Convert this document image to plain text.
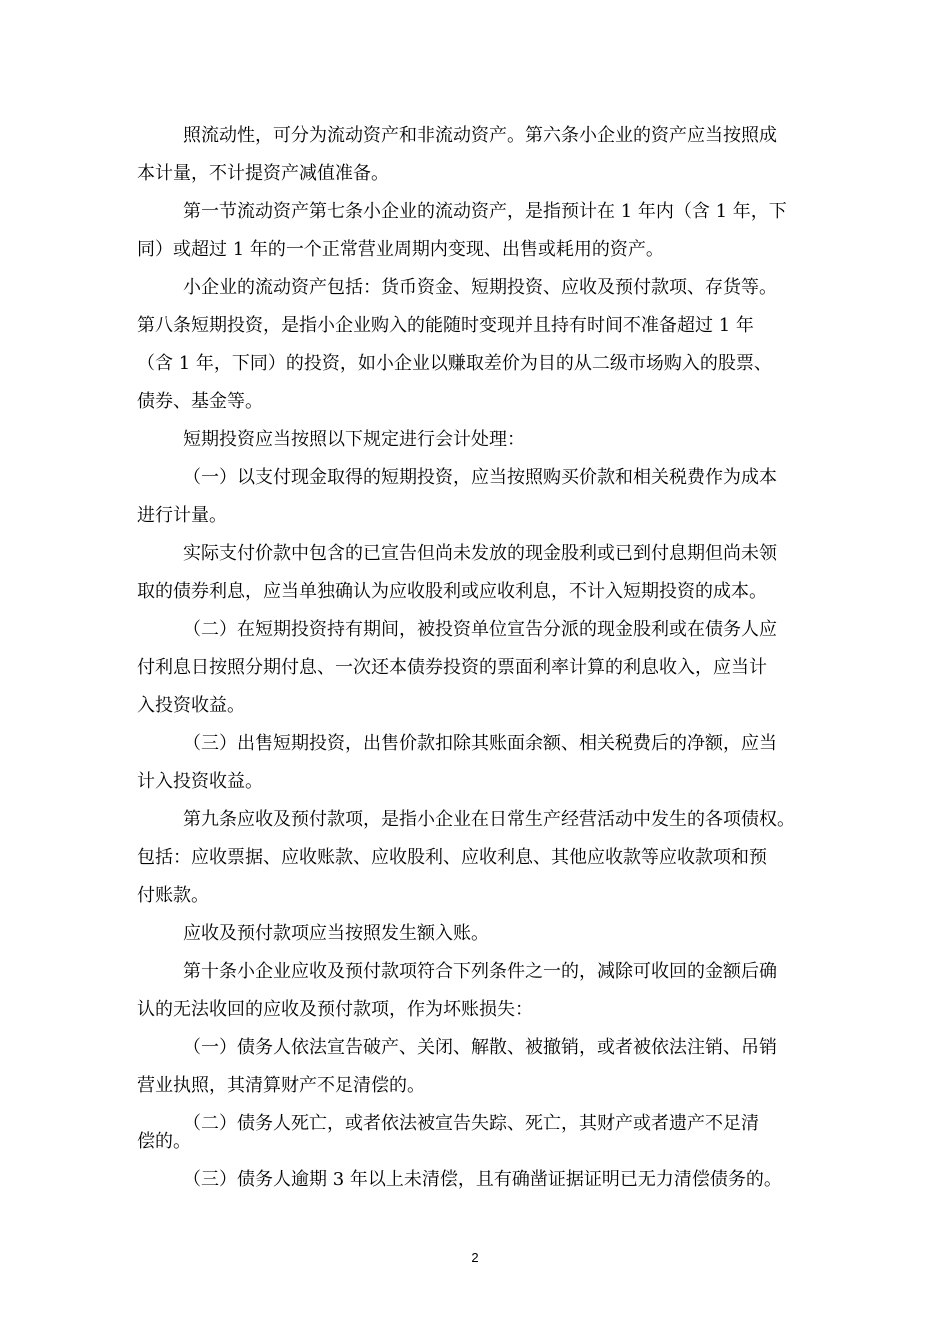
照流动性，可分为流动资产和非流动资产。第六条小企业的资产应当按照成
本计量，不计提资产减值准备。
第一节流动资产第七条小企业的流动资产，是指预计在 1 年内（含 1 年，下
同）或超过 1 年的一个正常营业周期内变现、出售或耗用的资产。
小企业的流动资产包括：货币资金、短期投资、应收及预付款项、存货等。
第八条短期投资，是指小企业购入的能随时变现并且持有时间不准备超过 1 年
（含 1 年，下同）的投资，如小企业以赚取差价为目的从二级市场购入的股票、
债券、基金等。
短期投资应当按照以下规定进行会计处理：
（一）以支付现金取得的短期投资，应当按照购买价款和相关税费作为成本
进行计量。
实际支付价款中包含的已宣告但尚未发放的现金股利或已到付息期但尚未领
取的债券利息，应当单独确认为应收股利或应收利息，不计入短期投资的成本。
（二）在短期投资持有期间，被投资单位宣告分派的现金股利或在债务人应
付利息日按照分期付息、一次还本债券投资的票面利率计算的利息收入，应当计
入投资收益。
（三）出售短期投资，出售价款扣除其账面余额、相关税费后的净额，应当
计入投资收益。
第九条应收及预付款项，是指小企业在日常生产经营活动中发生的各项债权。
包括：应收票据、应收账款、应收股利、应收利息、其他应收款等应收款项和预
付账款。
应收及预付款项应当按照发生额入账。
第十条小企业应收及预付款项符合下列条件之一的，减除可收回的金额后确
认的无法收回的应收及预付款项，作为坏账损失：
（一）债务人依法宣告破产、关闭、解散、被撤销，或者被依法注销、吊销
营业执照，其清算财产不足清偿的。
（二）债务人死亡，或者依法被宣告失踪、死亡，其财产或者遗产不足清
偿的。
（三）债务人逾期 3 年以上未清偿，且有确凿证据证明已无力清偿债务的。
2
